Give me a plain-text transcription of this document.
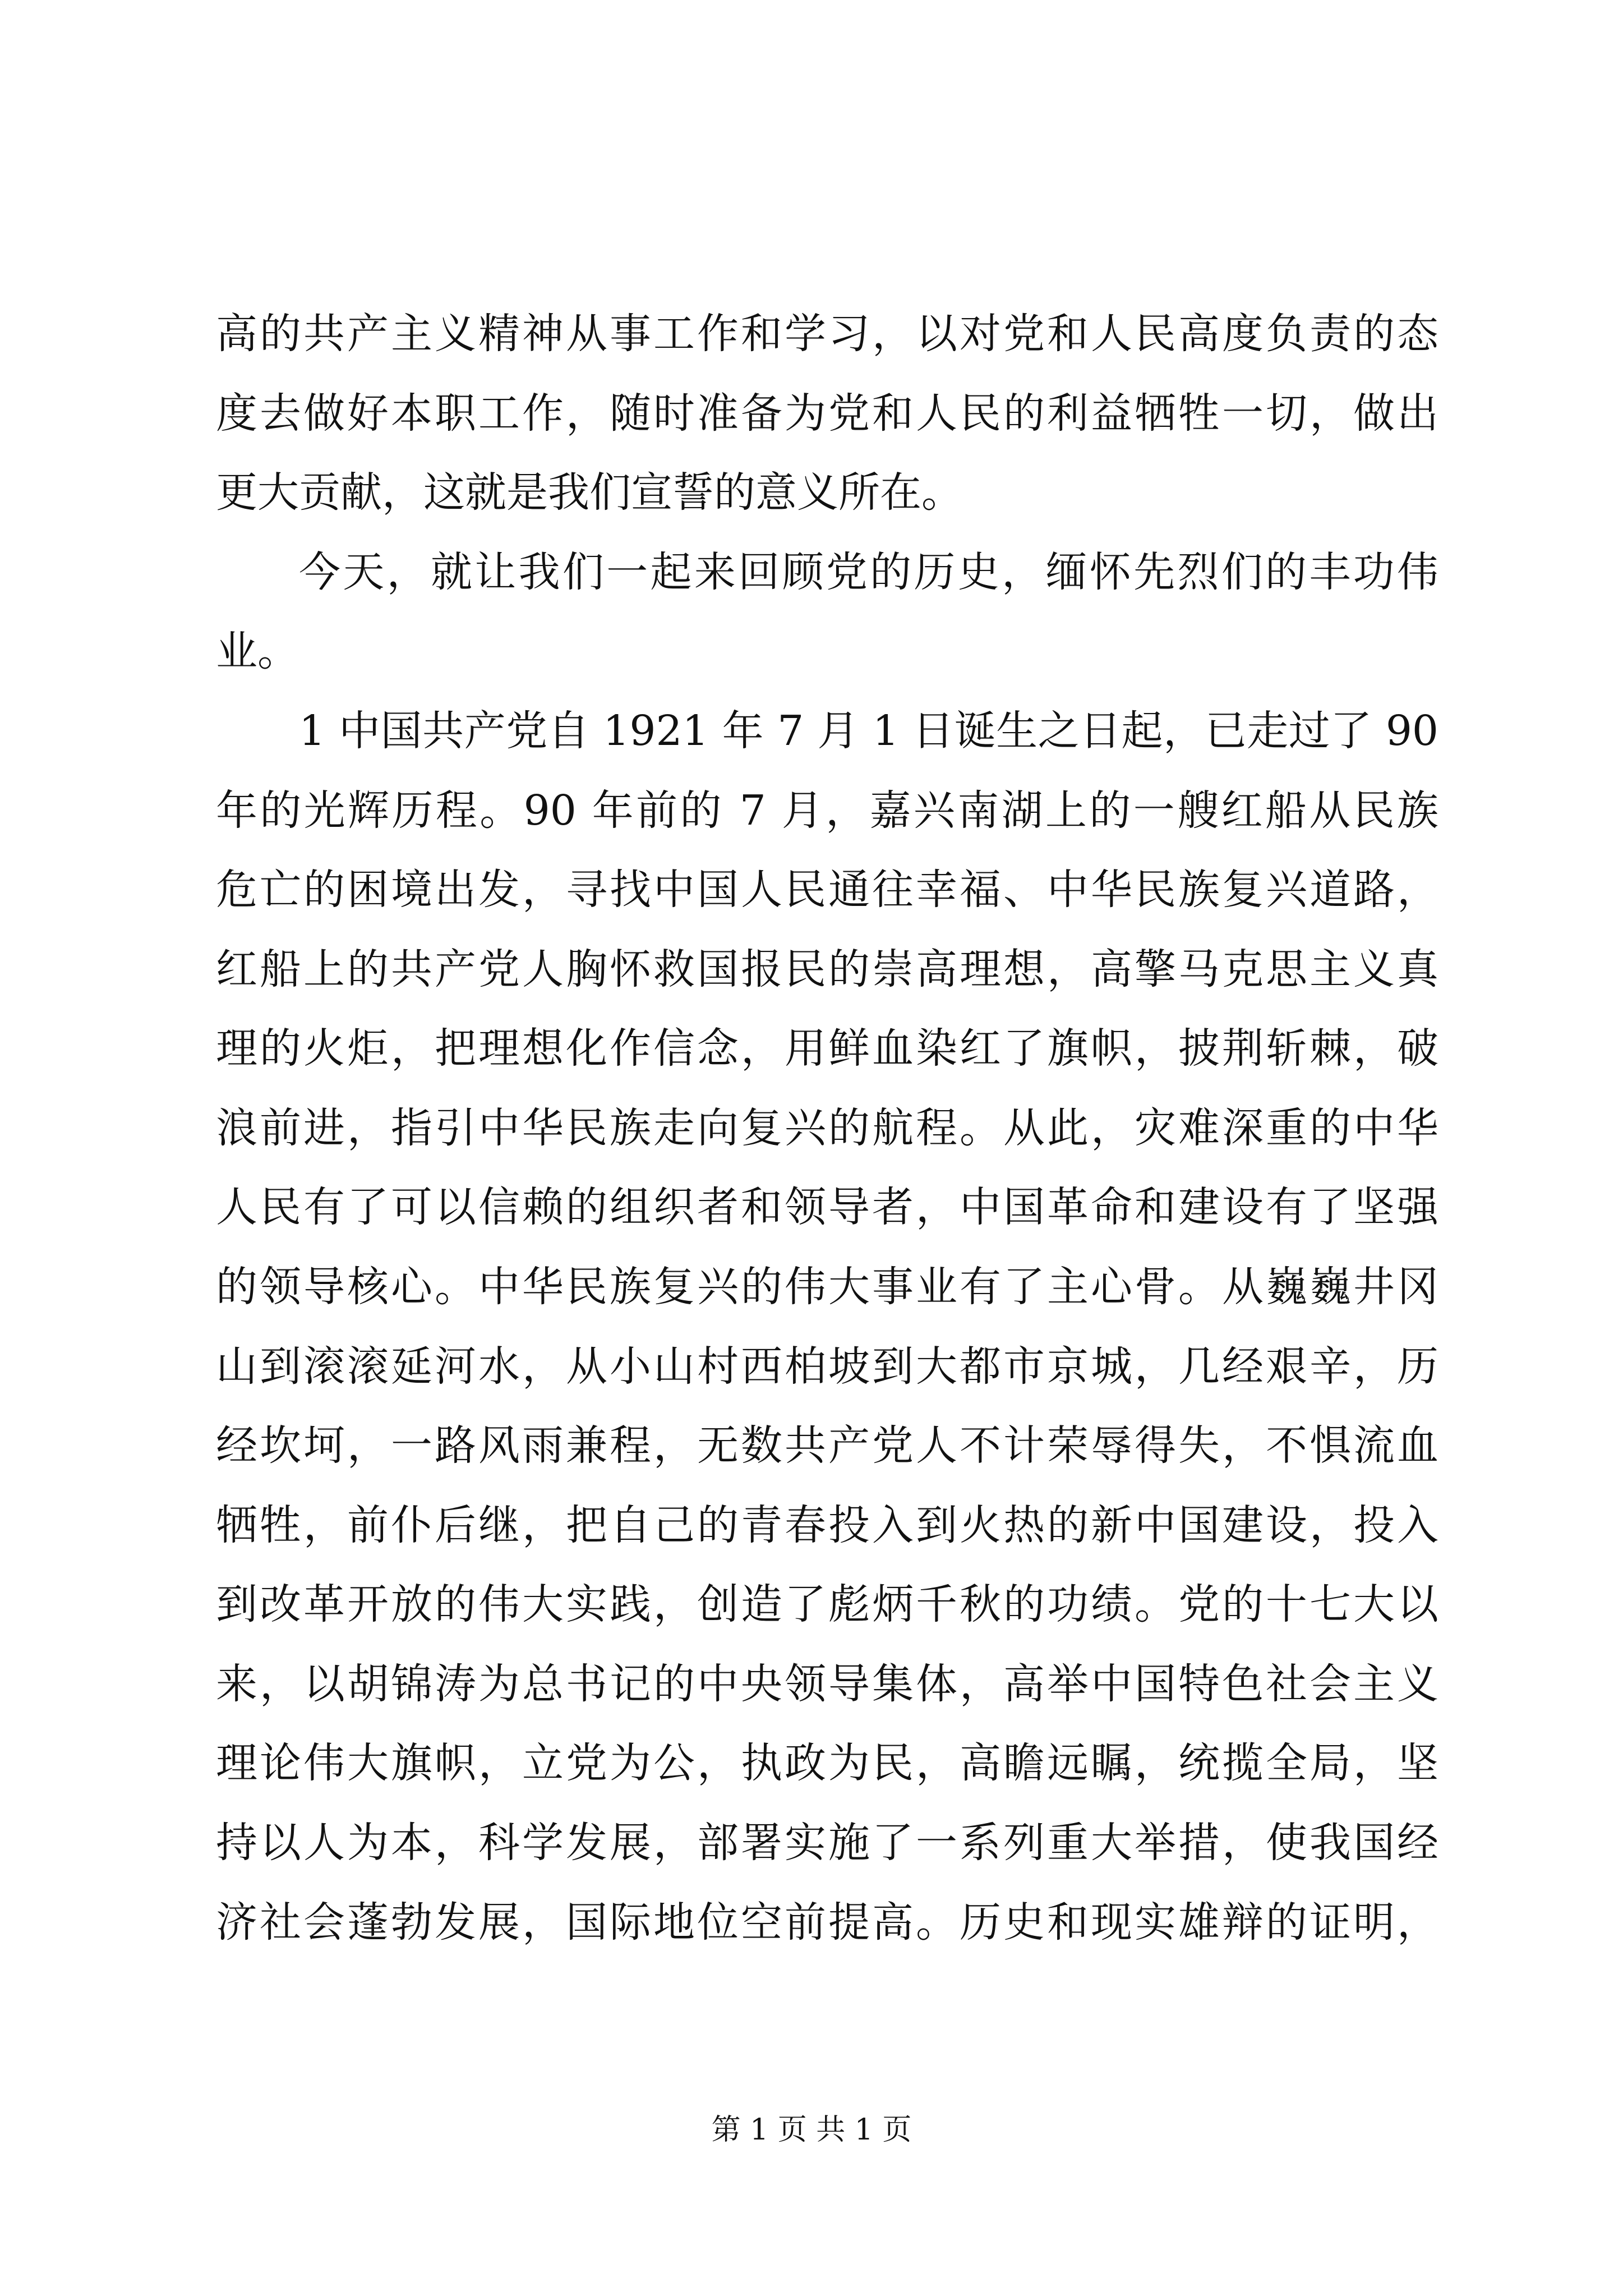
高的共产主义精神从事工作和学习，以对党和人民高度负责的态
度去做好本职工作，随时准备为党和人民的利益牺牲一切，做出
更大贡献，这就是我们宣誓的意义所在。
今天，就让我们一起来回顾党的历史，缅怀先烈们的丰功伟
业。
1 中国共产党自 1921 年 7 月 1 日诞生之日起，已走过了 90
年的光辉历程。90 年前的 7 月，嘉兴南湖上的一艘红船从民族
危亡的困境出发，寻找中国人民通往幸福、中华民族复兴道路，
红船上的共产党人胸怀救国报民的崇高理想，高擎马克思主义真
理的火炬，把理想化作信念，用鲜血染红了旗帜，披荆斩棘，破
浪前进，指引中华民族走向复兴的航程。从此，灾难深重的中华
人民有了可以信赖的组织者和领导者，中国革命和建设有了坚强
的领导核心。中华民族复兴的伟大事业有了主心骨。从巍巍井冈
山到滚滚延河水，从小山村西柏坡到大都市京城，几经艰辛，历
经坎坷，一路风雨兼程，无数共产党人不计荣辱得失，不惧流血
牺牲，前仆后继，把自己的青春投入到火热的新中国建设，投入
到改革开放的伟大实践，创造了彪炳千秋的功绩。党的十七大以
来，以胡锦涛为总书记的中央领导集体，高举中国特色社会主义
理论伟大旗帜，立党为公，执政为民，高瞻远瞩，统揽全局，坚
持以人为本，科学发展，部署实施了一系列重大举措，使我国经
济社会蓬勃发展，国际地位空前提高。历史和现实雄辩的证明，
第 1 页 共 1 页
